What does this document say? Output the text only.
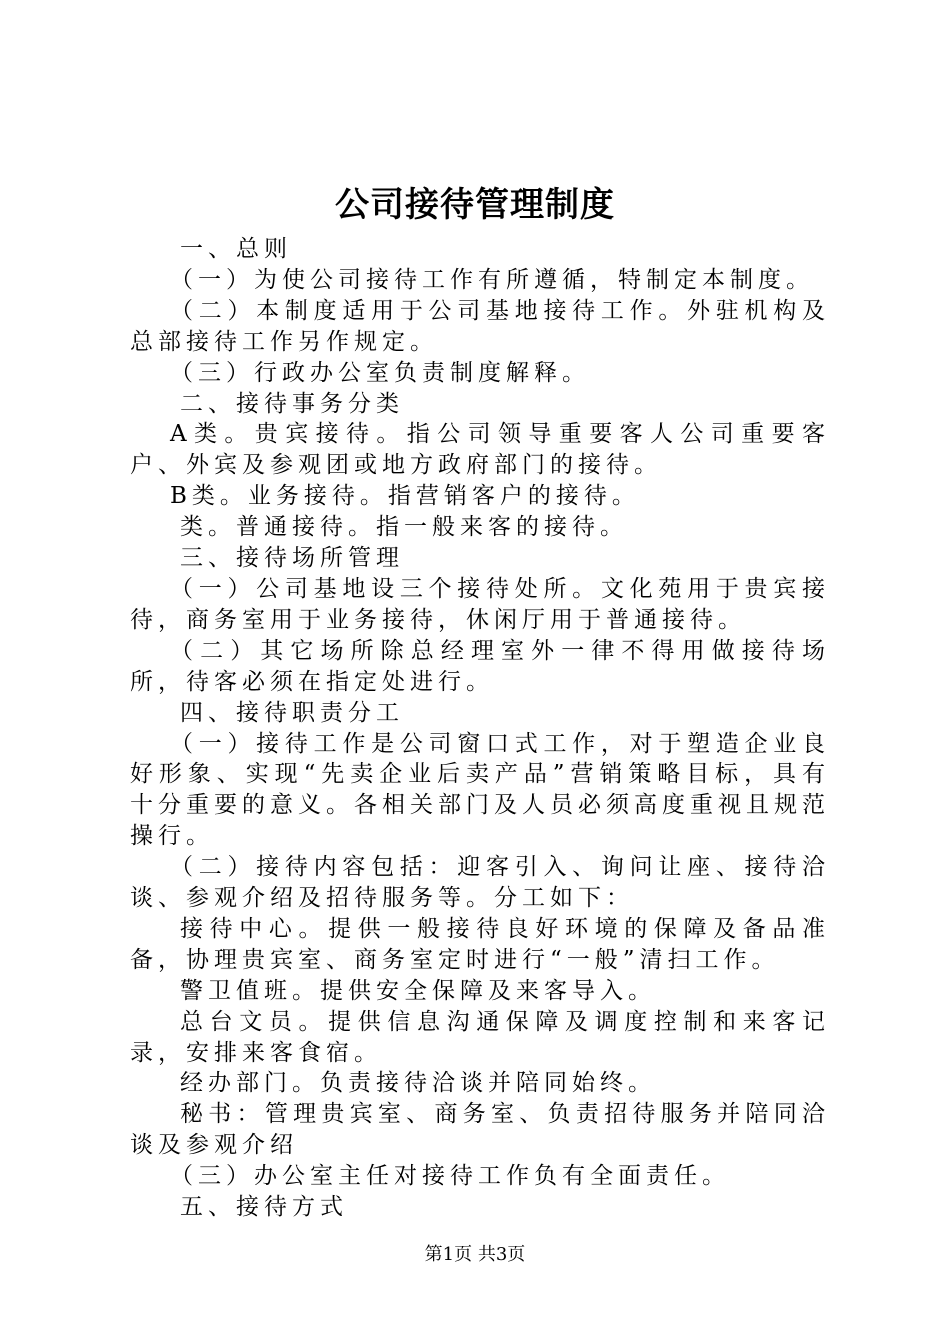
公司接待管理制度

一、总则

（一）为使公司接待工作有所遵循，特制定本制度。

（二）本制度适用于公司基地接待工作。外驻机构及总部接待工作另作规定。

（三）行政办公室负责制度解释。

二、接待事务分类

A类。贵宾接待。指公司领导重要客人公司重要客户、外宾及参观团或地方政府部门的接待。

B类。业务接待。指营销客户的接待。

类。普通接待。指一般来客的接待。

三、接待场所管理

（一）公司基地设三个接待处所。文化苑用于贵宾接待，商务室用于业务接待，休闲厅用于普通接待。

（二）其它场所除总经理室外一律不得用做接待场所，待客必须在指定处进行。

四、接待职责分工

（一）接待工作是公司窗口式工作，对于塑造企业良好形象、实现“先卖企业后卖产品”营销策略目标，具有十分重要的意义。各相关部门及人员必须高度重视且规范操行。

（二）接待内容包括：迎客引入、询问让座、接待洽谈、参观介绍及招待服务等。分工如下：

接待中心。提供一般接待良好环境的保障及备品准备，协理贵宾室、商务室定时进行“一般”清扫工作。

警卫值班。提供安全保障及来客导入。

总台文员。提供信息沟通保障及调度控制和来客记录，安排来客食宿。

经办部门。负责接待洽谈并陪同始终。

秘书：管理贵宾室、商务室、负责招待服务并陪同洽谈及参观介绍

（三）办公室主任对接待工作负有全面责任。

五、接待方式

第1页 共3页
